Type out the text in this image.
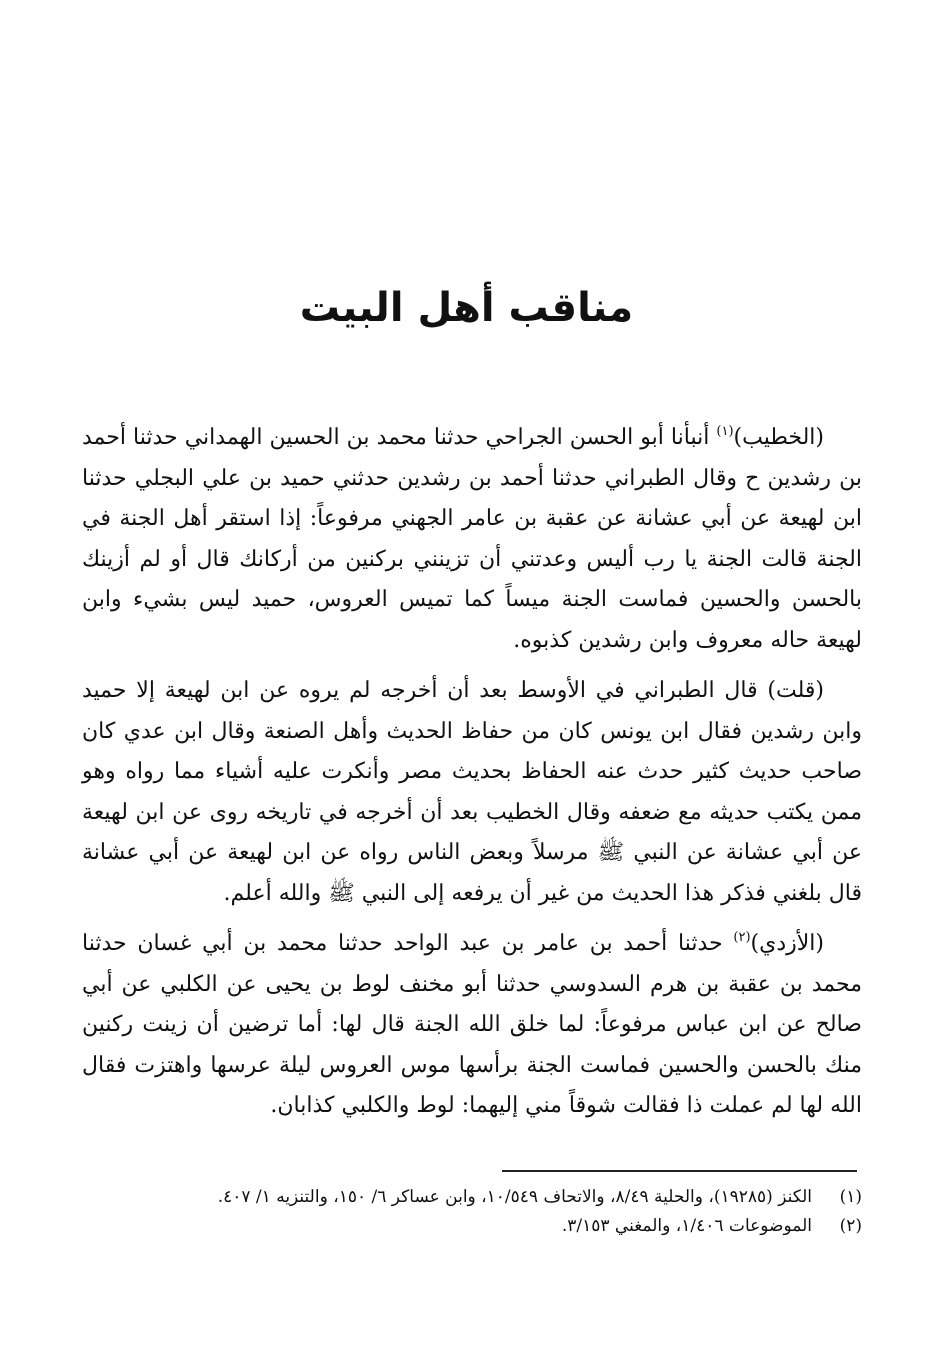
مناقب أهل البيت

(الخطيب)$^{(١)}$ أنبأنا أبو الحسن الجراحي حدثنا محمد بن الحسين الهمداني حدثنا أحمد بن رشدين ح وقال الطبراني حدثنا أحمد بن رشدين حدثني حميد بن علي البجلي حدثنا ابن لهيعة عن أبي عشانة عن عقبة بن عامر الجهني مرفوعاً: إذا استقر أهل الجنة في الجنة قالت الجنة يا رب أليس وعدتني أن تزينني بركنين من أركانك قال أو لم أزينك بالحسن والحسين فماست الجنة ميساً كما تميس العروس، حميد ليس بشيء وابن لهيعة حاله معروف وابن رشدين كذبوه.

(قلت) قال الطبراني في الأوسط بعد أن أخرجه لم يروه عن ابن لهيعة إلا حميد وابن رشدين فقال ابن يونس كان من حفاظ الحديث وأهل الصنعة وقال ابن عدي كان صاحب حديث كثير حدث عنه الحفاظ بحديث مصر وأنكرت عليه أشياء مما رواه وهو ممن يكتب حديثه مع ضعفه وقال الخطيب بعد أن أخرجه في تاريخه روى عن ابن لهيعة عن أبي عشانة عن النبي ﷺ مرسلاً وبعض الناس رواه عن ابن لهيعة عن أبي عشانة قال بلغني فذكر هذا الحديث من غير أن يرفعه إلى النبي ﷺ والله أعلم.

(الأزدي)$^{(٢)}$ حدثنا أحمد بن عامر بن عبد الواحد حدثنا محمد بن أبي غسان حدثنا محمد بن عقبة بن هرم السدوسي حدثنا أبو مخنف لوط بن يحيى عن الكلبي عن أبي صالح عن ابن عباس مرفوعاً: لما خلق الله الجنة قال لها: أما ترضين أن زينت ركنين منك بالحسن والحسين فماست الجنة برأسها موس العروس ليلة عرسها واهتزت فقال الله لها لم عملت ذا فقالت شوقاً مني إليهما: لوط والكلبي كذابان.

(١)الكنز (١٩٢٨٥)، والحلية ٨/٤٩، والاتحاف ١٠/٥٤٩، وابن عساكر ٦/ ١٥٠، والتنزيه ١/ ٤٠٧.

(٢)الموضوعات ١/٤٠٦، والمغني ٣/١٥٣.
